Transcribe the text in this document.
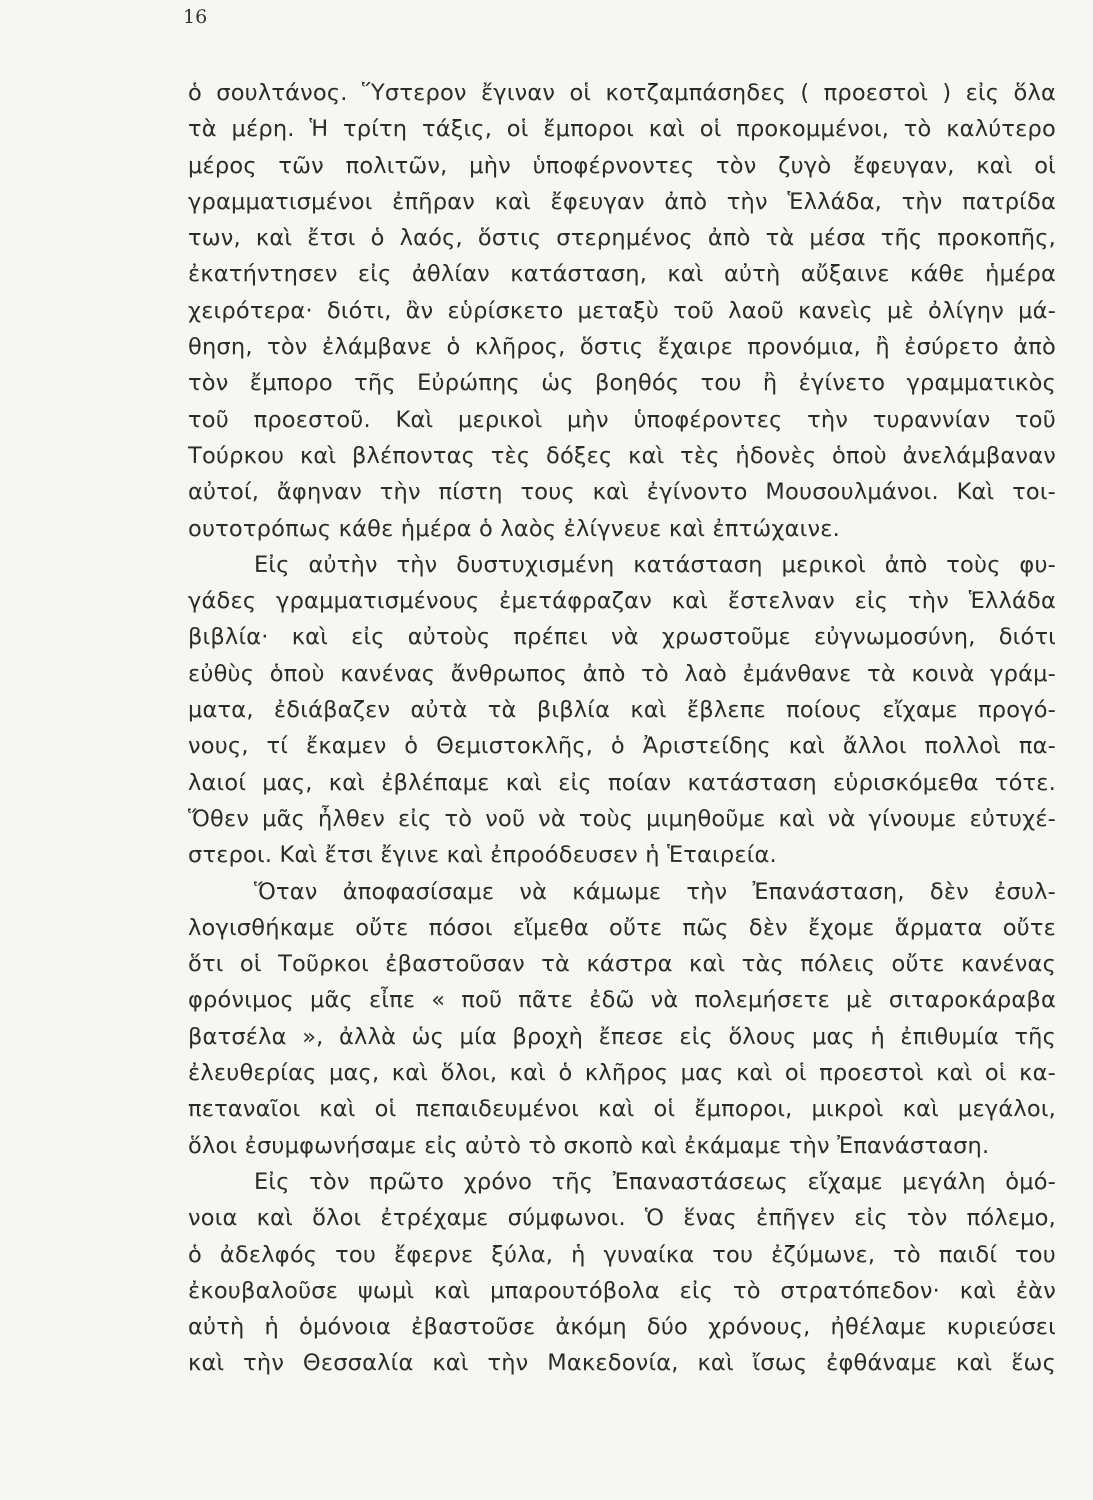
16
ὁ σουλτάνος. Ὕστερον ἔγιναν οἱ κοτζαμπάσηδες ( προεστοὶ ) εἰς ὅλα
τὰ μέρη. Ἡ τρίτη τάξις, οἱ ἔμποροι καὶ οἱ προκομμένοι, τὸ καλύτερο
μέρος τῶν πολιτῶν, μὴν ὑποφέρνοντες τὸν ζυγὸ ἔφευγαν, καὶ οἱ
γραμματισμένοι ἐπῆραν καὶ ἔφευγαν ἀπὸ τὴν Ἑλλάδα, τὴν πατρίδα
των, καὶ ἔτσι ὁ λαός, ὅστις στερημένος ἀπὸ τὰ μέσα τῆς προκοπῆς,
ἐκατήντησεν εἰς ἀθλίαν κατάσταση, καὶ αὐτὴ αὔξαινε κάθε ἡμέρα
χειρότερα· διότι, ἂν εὑρίσκετο μεταξὺ τοῦ λαοῦ κανεὶς μὲ ὀλίγην μά-
θηση, τὸν ἐλάμβανε ὁ κλῆρος, ὅστις ἔχαιρε προνόμια, ἢ ἐσύρετο ἀπὸ
τὸν ἔμπορο τῆς Εὐρώπης ὡς βοηθός του ἢ ἐγίνετο γραμματικὸς
τοῦ προεστοῦ. Καὶ μερικοὶ μὴν ὑποφέροντες τὴν τυραννίαν τοῦ
Τούρκου καὶ βλέποντας τὲς δόξες καὶ τὲς ἡδονὲς ὁποὺ ἀνελάμβαναν
αὐτοί, ἄφηναν τὴν πίστη τους καὶ ἐγίνοντο Μουσουλμάνοι. Καὶ τοι-
ουτοτρόπως κάθε ἡμέρα ὁ λαὸς ἐλίγνευε καὶ ἐπτώχαινε.
Εἰς αὐτὴν τὴν δυστυχισμένη κατάσταση μερικοὶ ἀπὸ τοὺς φυ-
γάδες γραμματισμένους ἐμετάφραζαν καὶ ἔστελναν εἰς τὴν Ἑλλάδα
βιβλία· καὶ εἰς αὐτοὺς πρέπει νὰ χρωστοῦμε εὐγνωμοσύνη, διότι
εὐθὺς ὁποὺ κανένας ἄνθρωπος ἀπὸ τὸ λαὸ ἐμάνθανε τὰ κοινὰ γράμ-
ματα, ἐδιάβαζεν αὐτὰ τὰ βιβλία καὶ ἔβλεπε ποίους εἴχαμε προγό-
νους, τί ἔκαμεν ὁ Θεμιστοκλῆς, ὁ Ἀριστείδης καὶ ἄλλοι πολλοὶ πα-
λαιοί μας, καὶ ἐβλέπαμε καὶ εἰς ποίαν κατάσταση εὑρισκόμεθα τότε.
Ὅθεν μᾶς ἦλθεν εἰς τὸ νοῦ νὰ τοὺς μιμηθοῦμε καὶ νὰ γίνουμε εὐτυχέ-
στεροι. Καὶ ἔτσι ἔγινε καὶ ἐπροόδευσεν ἡ Ἑταιρεία.
Ὅταν ἀποφασίσαμε νὰ κάμωμε τὴν Ἐπανάσταση, δὲν ἐσυλ-
λογισθήκαμε οὔτε πόσοι εἴμεθα οὔτε πῶς δὲν ἔχομε ἅρματα οὔτε
ὅτι οἱ Τοῦρκοι ἐβαστοῦσαν τὰ κάστρα καὶ τὰς πόλεις οὔτε κανένας
φρόνιμος μᾶς εἶπε « ποῦ πᾶτε ἐδῶ νὰ πολεμήσετε μὲ σιταροκάραβα
βατσέλα », ἀλλὰ ὡς μία βροχὴ ἔπεσε εἰς ὅλους μας ἡ ἐπιθυμία τῆς
ἐλευθερίας μας, καὶ ὅλοι, καὶ ὁ κλῆρος μας καὶ οἱ προεστοὶ καὶ οἱ κα-
πεταναῖοι καὶ οἱ πεπαιδευμένοι καὶ οἱ ἔμποροι, μικροὶ καὶ μεγάλοι,
ὅλοι ἐσυμφωνήσαμε εἰς αὐτὸ τὸ σκοπὸ καὶ ἐκάμαμε τὴν Ἐπανάσταση.
Εἰς τὸν πρῶτο χρόνο τῆς Ἐπαναστάσεως εἴχαμε μεγάλη ὁμό-
νοια καὶ ὅλοι ἐτρέχαμε σύμφωνοι. Ὁ ἕνας ἐπῆγεν εἰς τὸν πόλεμο,
ὁ ἀδελφός του ἔφερνε ξύλα, ἡ γυναίκα του ἐζύμωνε, τὸ παιδί του
ἐκουβαλοῦσε ψωμὶ καὶ μπαρουτόβολα εἰς τὸ στρατόπεδον· καὶ ἐὰν
αὐτὴ ἡ ὁμόνοια ἐβαστοῦσε ἀκόμη δύο χρόνους, ἠθέλαμε κυριεύσει
καὶ τὴν Θεσσαλία καὶ τὴν Μακεδονία, καὶ ἴσως ἐφθάναμε καὶ ἕως
